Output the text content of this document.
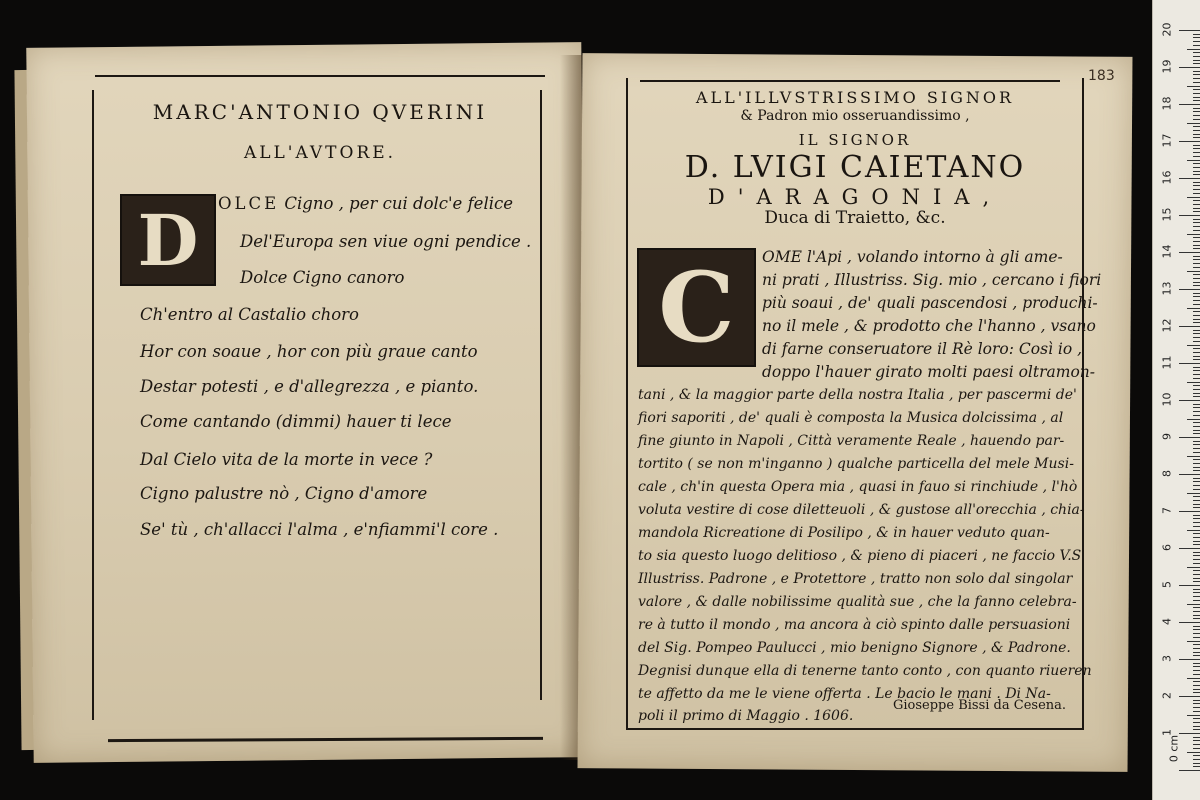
MARC'ANTONIO QVERINI
ALL'AVTORE.
D	OLCE Cigno , per cui dolc'e felice
Del'Europa sen viue ogni pendice .
Dolce Cigno canoro
Ch'entro al Castalio choro
Hor con soaue , hor con più graue canto
Destar potesti , e d'allegrezza , e pianto.
Come cantando (dimmi) hauer ti lece
Dal Cielo vita de la morte in vece ?
Cigno palustre nò , Cigno d'amore
Se' tù , ch'allacci l'alma , e'nfiammi'l core .
183
ALL'ILLVSTRISSIMO SIGNOR
& Padron mio osseruandissimo ,
IL SIGNOR
D. LVIGI CAIETANO
D'ARAGONIA,
Duca di Traietto, &c.
C	OME l'Api , volando intorno à gli ame-
ni prati , Illustriss. Sig. mio , cercano i fiori
più soaui , de' quali pascendosi , produchi-
no il mele , & prodotto che l'hanno , vsano
di farne conseruatore il Rè loro: Così io ,
doppo l'hauer girato molti paesi oltramon-
tani , & la maggior parte della nostra Italia , per pascermi de'
fiori saporiti , de' quali è composta la Musica dolcissima , al
fine giunto in Napoli , Città veramente Reale , hauendo par-
tortito ( se non m'inganno ) qualche particella del mele Musi-
cale , ch'in questa Opera mia , quasi in fauo si rinchiude , l'hò
voluta vestire di cose diletteuoli , & gustose all'orecchia , chia-
mandola Ricreatione di Posilipo , & in hauer veduto quan-
to sia questo luogo delitioso , & pieno di piaceri , ne faccio V.S.
Illustriss. Padrone , e Protettore , tratto non solo dal singolar
valore , & dalle nobilissime qualità sue , che la fanno celebra-
re à tutto il mondo , ma ancora à ciò spinto dalle persuasioni
del Sig. Pompeo Paulucci , mio benigno Signore , & Padrone.
Degnisi dunque ella di tenerne tanto conto , con quanto riueren
te affetto da me le viene offerta . Le bacio le mani . Di Na-
poli il primo di Maggio . 1606.
Gioseppe Bissi da Cesena.
0 cm
1
2
3
4
5
6
7
8
9
10
11
12
13
14
15
16
17
18
19
20
